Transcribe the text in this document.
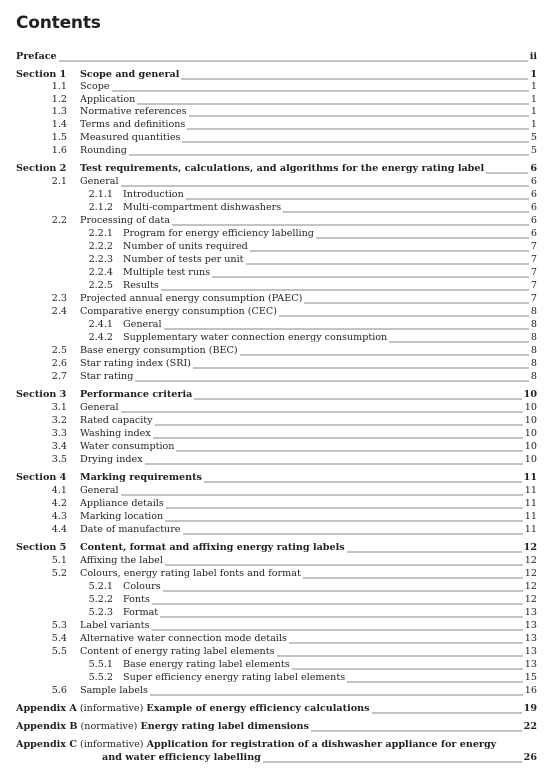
Contents
Preface	ii
Section 1	Scope and general	1
1.1 Scope	1
1.2 Application	1
1.3 Normative references	1
1.4 Terms and definitions	1
1.5 Measured quantities	5
1.6 Rounding	5
Section 2	Test requirements, calculations, and algorithms for the energy rating label	6
2.1 General	6
2.1.1 Introduction	6
2.1.2 Multi-compartment dishwashers	6
2.2 Processing of data	6
2.2.1 Program for energy efficiency labelling	6
2.2.2 Number of units required	7
2.2.3 Number of tests per unit	7
2.2.4 Multiple test runs	7
2.2.5 Results	7
2.3 Projected annual energy consumption (PAEC)	7
2.4 Comparative energy consumption (CEC)	8
2.4.1 General	8
2.4.2 Supplementary water connection energy consumption	8
2.5 Base energy consumption (BEC)	8
2.6 Star rating index (SRI)	8
2.7 Star rating	8
Section 3	Performance criteria	10
3.1 General	10
3.2 Rated capacity	10
3.3 Washing index	10
3.4 Water consumption	10
3.5 Drying index	10
Section 4	Marking requirements	11
4.1 General	11
4.2 Appliance details	11
4.3 Marking location	11
4.4 Date of manufacture	11
Section 5	Content, format and affixing energy rating labels	12
5.1 Affixing the label	12
5.2 Colours, energy rating label fonts and format	12
5.2.1 Colours	12
5.2.2 Fonts	12
5.2.3 Format	13
5.3 Label variants	13
5.4 Alternative water connection mode details	13
5.5 Content of energy rating label elements	13
5.5.1 Base energy rating label elements	13
5.5.2 Super efficiency energy rating label elements	15
5.6 Sample labels	16
Appendix A (informative) Example of energy efficiency calculations	19
Appendix B (normative) Energy rating label dimensions	22
Appendix C (informative) Application for registration of a dishwasher appliance for energy
and water efficiency labelling	26
